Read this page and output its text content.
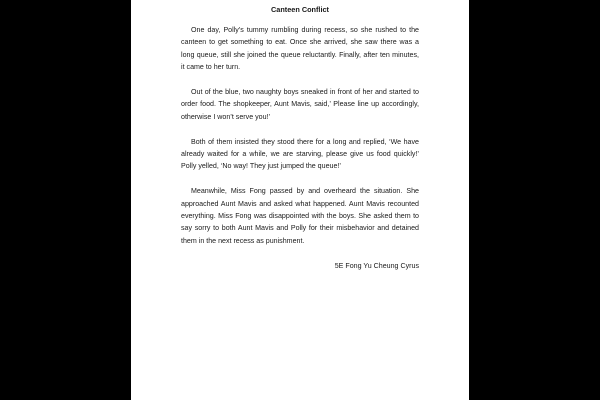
Canteen Conflict

One day, Polly’s tummy rumbling during recess, so she rushed to the canteen to get something to eat. Once she arrived, she saw there was a long queue, still she joined the queue reluctantly. Finally, after ten minutes, it came to her turn.

Out of the blue, two naughty boys sneaked in front of her and started to order food. The shopkeeper, Aunt Mavis, said,’ Please line up accordingly, otherwise I won’t serve you!’

Both of them insisted they stood there for a long and replied, ‘We have already waited for a while, we are starving, please give us food quickly!’ Polly yelled, ‘No way! They just jumped the queue!’

Meanwhile, Miss Fong passed by and overheard the situation. She approached Aunt Mavis and asked what happened. Aunt Mavis recounted everything. Miss Fong was disappointed with the boys. She asked them to say sorry to both Aunt Mavis and Polly for their misbehavior and detained them in the next recess as punishment.

5E Fong Yu Cheung Cyrus
